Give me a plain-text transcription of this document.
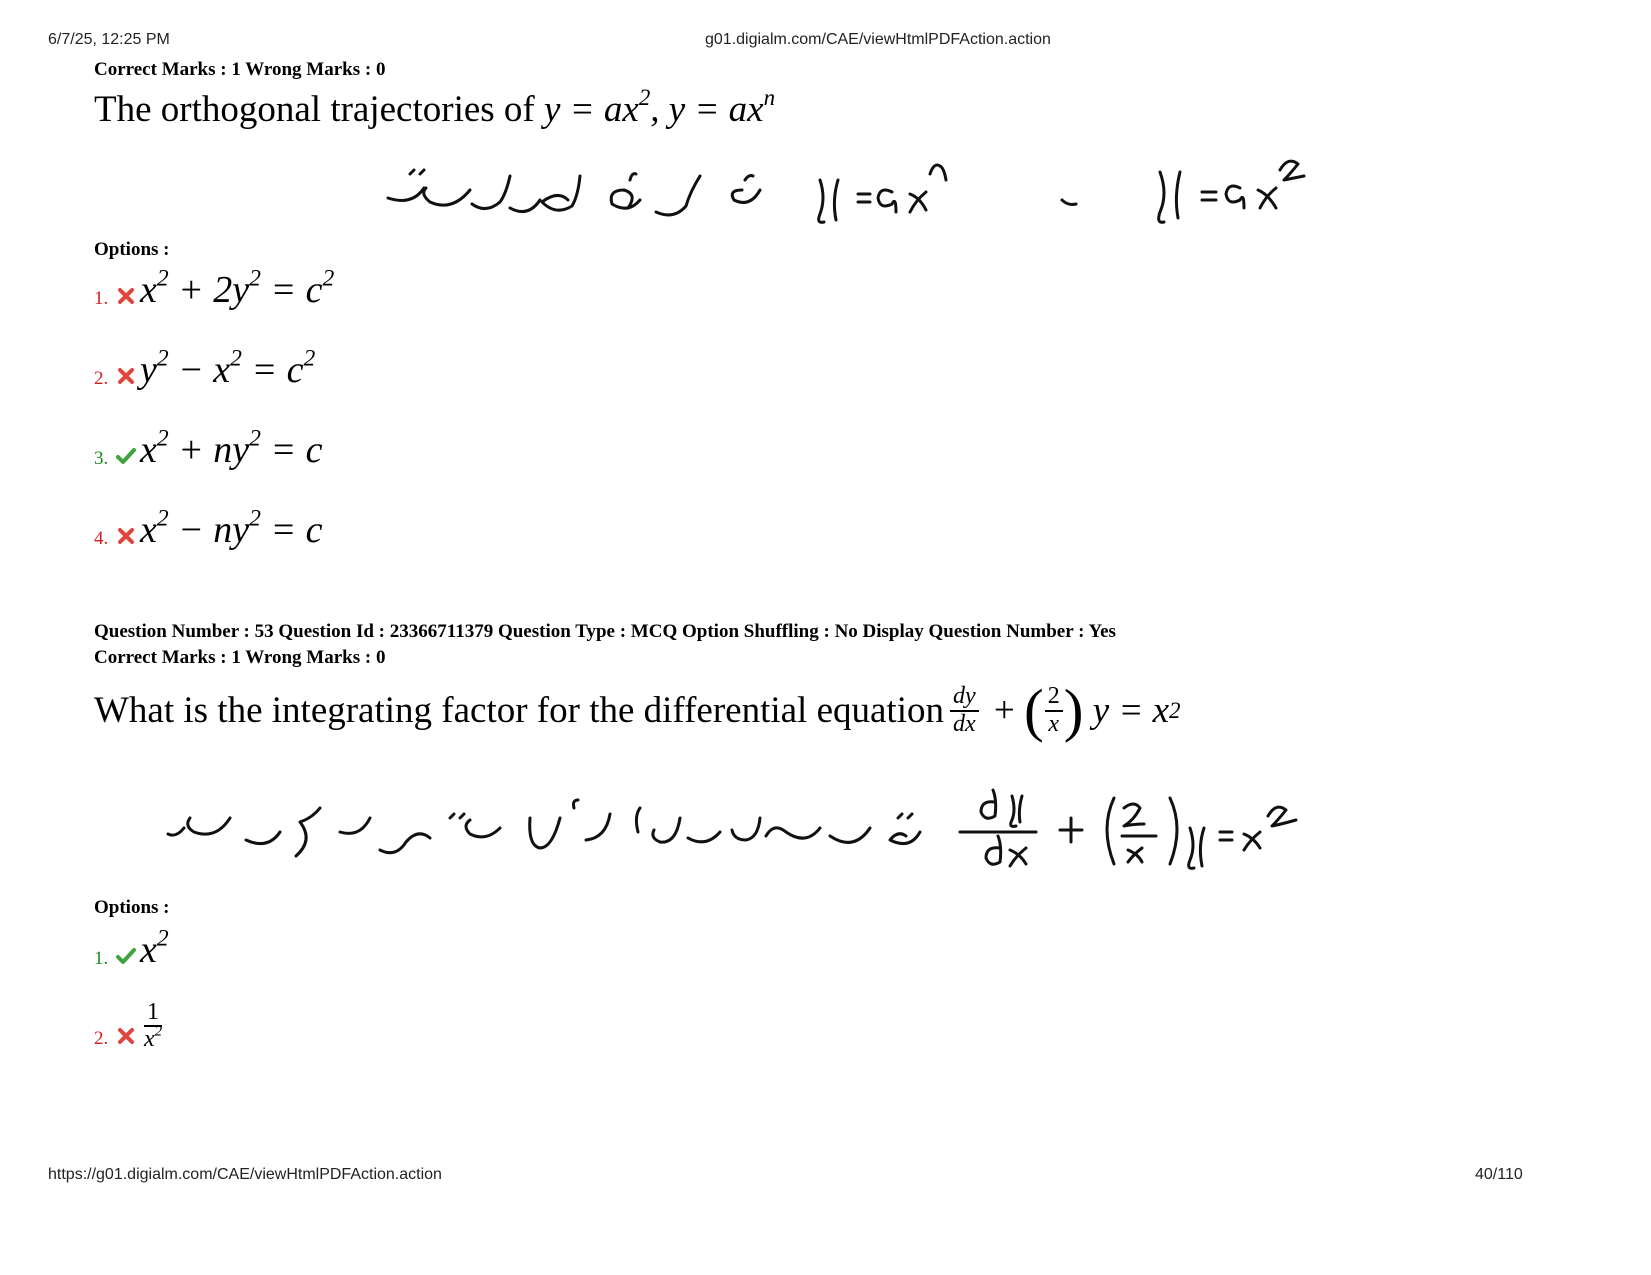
6/7/25, 12:25 PM	g01.digialm.com/CAE/viewHtmlPDFAction.action
https://g01.digialm.com/CAE/viewHtmlPDFAction.action	40/110
Correct Marks : 1 Wrong Marks : 0
The orthogonal trajectories of $y = ax^2$, $y = ax^n$
Options :
1. $x^2 + 2y^2 = c^2$
2. $y^2 - x^2 = c^2$
3. $x^2 + ny^2 = c$
4. $x^2 - ny^2 = c$
Question Number : 53 Question Id : 23366711379 Question Type : MCQ Option Shuffling : No Display Question Number : Yes
Correct Marks : 1 Wrong Marks : 0
What is the integrating factor for the differential equation $\frac{dy}{dx}$ + ( $\frac{2}{x}$ ) y = x 2
Options :
1. $x^2$
2. $\frac{1}{x^2}$
